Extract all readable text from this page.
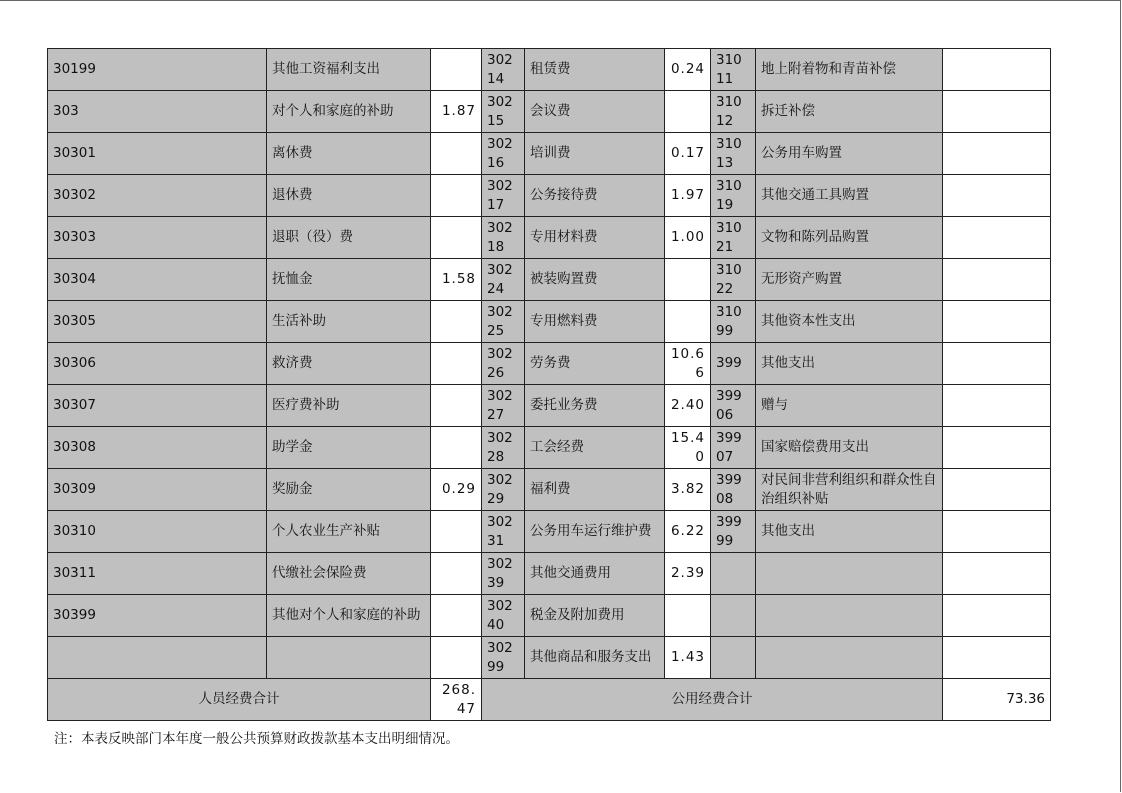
30199	其他工资福利支出		30214	租赁费	0.24	31011	地上附着物和青苗补偿	
303	对个人和家庭的补助	1.87	30215	会议费		31012	拆迁补偿	
30301	离休费		30216	培训费	0.17	31013	公务用车购置	
30302	退休费		30217	公务接待费	1.97	31019	其他交通工具购置	
30303	退职（役）费		30218	专用材料费	1.00	31021	文物和陈列品购置	
30304	抚恤金	1.58	30224	被装购置费		31022	无形资产购置	
30305	生活补助		30225	专用燃料费		31099	其他资本性支出	
30306	救济费		30226	劳务费	10.66	399	其他支出	
30307	医疗费补助		30227	委托业务费	2.40	39906	赠与	
30308	助学金		30228	工会经费	15.40	39907	国家赔偿费用支出	
30309	奖励金	0.29	30229	福利费	3.82	39908	对民间非营利组织和群众性自治组织补贴	
30310	个人农业生产补贴		30231	公务用车运行维护费	6.22	39999	其他支出	
30311	代缴社会保险费		30239	其他交通费用	2.39			
30399	其他对个人和家庭的补助		30240	税金及附加费用				
			30299	其他商品和服务支出	1.43			
人员经费合计		268.47	公用经费合计					73.36
注：本表反映部门本年度一般公共预算财政拨款基本支出明细情况。
